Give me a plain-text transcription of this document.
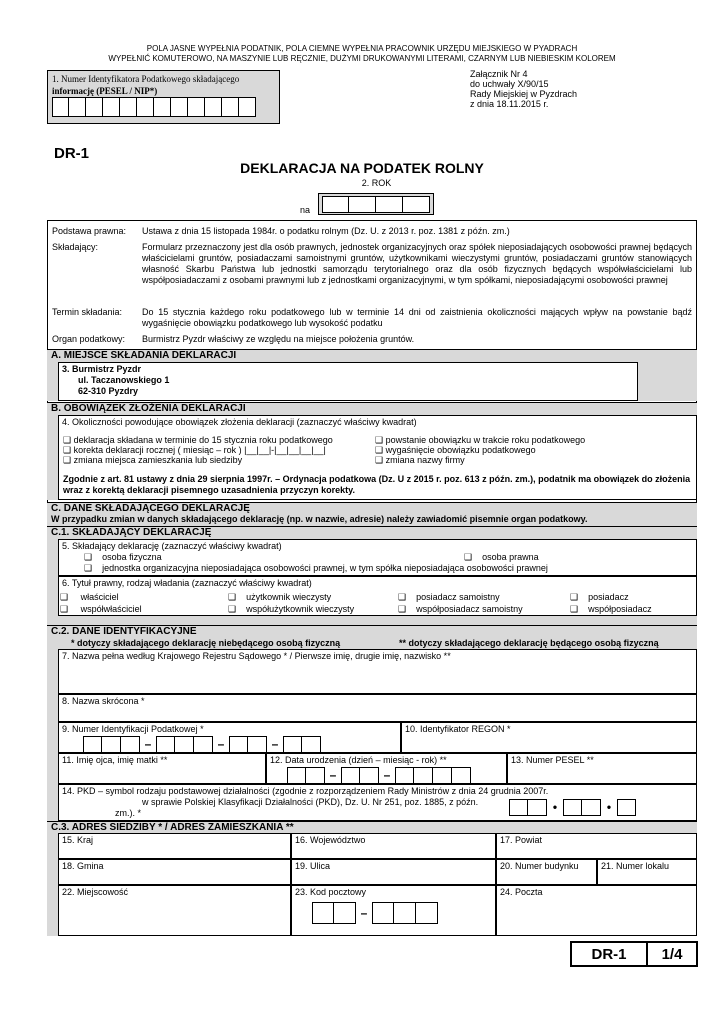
POLA JASNE WYPEŁNIA PODATNIK, POLA CIEMNE WYPEŁNIA PRACOWNIK URZĘDU MIEJSKIEGO W PYADRACH
WYPEŁNIĆ KOMUTEROWO, NA MASZYNIE LUB RĘCZNIE, DUŻYMI DRUKOWANYMI LITERAMI, CZARNYM LUB NIEBIESKIM KOLOREM
1. Numer Identyfikatora Podatkowego składającego
informację (PESEL / NIP*)
Załącznik Nr 4
do uchwały X/90/15
Rady Miejskiej w Pyzdrach
z dnia 18.11.2015 r.
DR-1
DEKLARACJA NA PODATEK ROLNY
2. ROK
na
Podstawa prawna: Ustawa z dnia 15 listopada 1984r. o podatku rolnym (Dz. U. z 2013 r. poz. 1381 z późn. zm.)
Składający:	Formularz przeznaczony jest dla osób prawnych, jednostek organizacyjnych oraz spółek nieposiadających osobowości prawnej będących właścicielami gruntów, posiadaczami samoistnymi gruntów, użytkownikami wieczystymi gruntów, posiadaczami gruntów stanowiących własność Skarbu Państwa lub jednostki samorządu terytorialnego oraz dla osób fizycznych będących współwłaścicielami lub współposiadaczami z osobami prawnymi lub z jednostkami organizacyjnymi, w tym spółkami, nieposiadającymi osobowości prawnej
Termin składania: Do 15 stycznia każdego roku podatkowego lub w terminie 14 dni od zaistnienia okoliczności mających wpływ na powstanie bądź wygaśnięcie obowiązku podatkowego lub wysokość podatku
Organ podatkowy: Burmistrz Pyzdr właściwy ze względu na miejsce położenia gruntów.
A. MIEJSCE SKŁADANIA DEKLARACJI
3. Burmistrz Pyzdr
ul. Taczanowskiego 1
62-310 Pyzdry
B. OBOWIĄZEK ZŁOŻENIA DEKLARACJI
4. Okoliczności powodujące obowiązek złożenia deklaracji (zaznaczyć właściwy kwadrat)
❑ deklaracja składana w terminie do 15 stycznia roku podatkowego
❑ korekta deklaracji rocznej ( miesiąc – rok ) |__|__|-|__|__|__|__|
❑ zmiana miejsca zamieszkania lub siedziby
❑ powstanie obowiązku w trakcie roku podatkowego
❑ wygaśnięcie obowiązku podatkowego
❑ zmiana nazwy firmy
Zgodnie z art. 81 ustawy z dnia 29 sierpnia 1997r. – Ordynacja podatkowa (Dz. U z 2015 r. poz. 613 z późn. zm.), podatnik ma obowiązek do złożenia wraz z korektą deklaracji pisemnego uzasadnienia przyczyn korekty.
C. DANE SKŁADAJĄCEGO DEKLARACJĘ
W przypadku zmian w danych składającego deklarację (np. w nazwie, adresie) należy zawiadomić pisemnie organ podatkowy.
C.1. SKŁADAJĄCY DEKLARACJĘ
5. Składający deklarację (zaznaczyć właściwy kwadrat)
❑ osoba fizyczna	❑ osoba prawna
❑ jednostka organizacyjna nieposiadająca osobowości prawnej, w tym spółka nieposiadająca osobowości prawnej
6. Tytuł prawny, rodzaj władania (zaznaczyć właściwy kwadrat)
❑ właściciel	❑ użytkownik wieczysty	❑ posiadacz samoistny	❑ posiadacz
❑ współwłaściciel	❑ współużytkownik wieczysty	❑ współposiadacz samoistny	❑ współposiadacz
C.2. DANE IDENTYFIKACYJNE
* dotyczy składającego deklarację niebędącego osobą fizyczną	** dotyczy składającego deklarację będącego osobą fizyczną
7. Nazwa pełna według Krajowego Rejestru Sądowego * / Pierwsze imię, drugie imię, nazwisko **
8. Nazwa skrócona *
9. Numer Identyfikacji Podatkowej *
–	–	–
10. Identyfikator REGON *
11. Imię ojca, imię matki **	12. Data urodzenia (dzień – miesiąc - rok) **
–	–
13. Numer PESEL **
14. PKD – symbol rodzaju podstawowej działalności (zgodnie z rozporządzeniem Rady Ministrów z dnia 24 grudnia 2007r.
w sprawie Polskiej Klasyfikacji Działalności (PKD), Dz. U. Nr 251, poz. 1885, z późn.
zm.). *	•	•
C.3. ADRES SIEDZIBY * / ADRES ZAMIESZKANIA **
15. Kraj	16. Województwo	17. Powiat
18. Gmina	19. Ulica	20. Numer budynku	21. Numer lokalu
22. Miejscowość	23. Kod pocztowy
–
24. Poczta
DR-1	1/4
